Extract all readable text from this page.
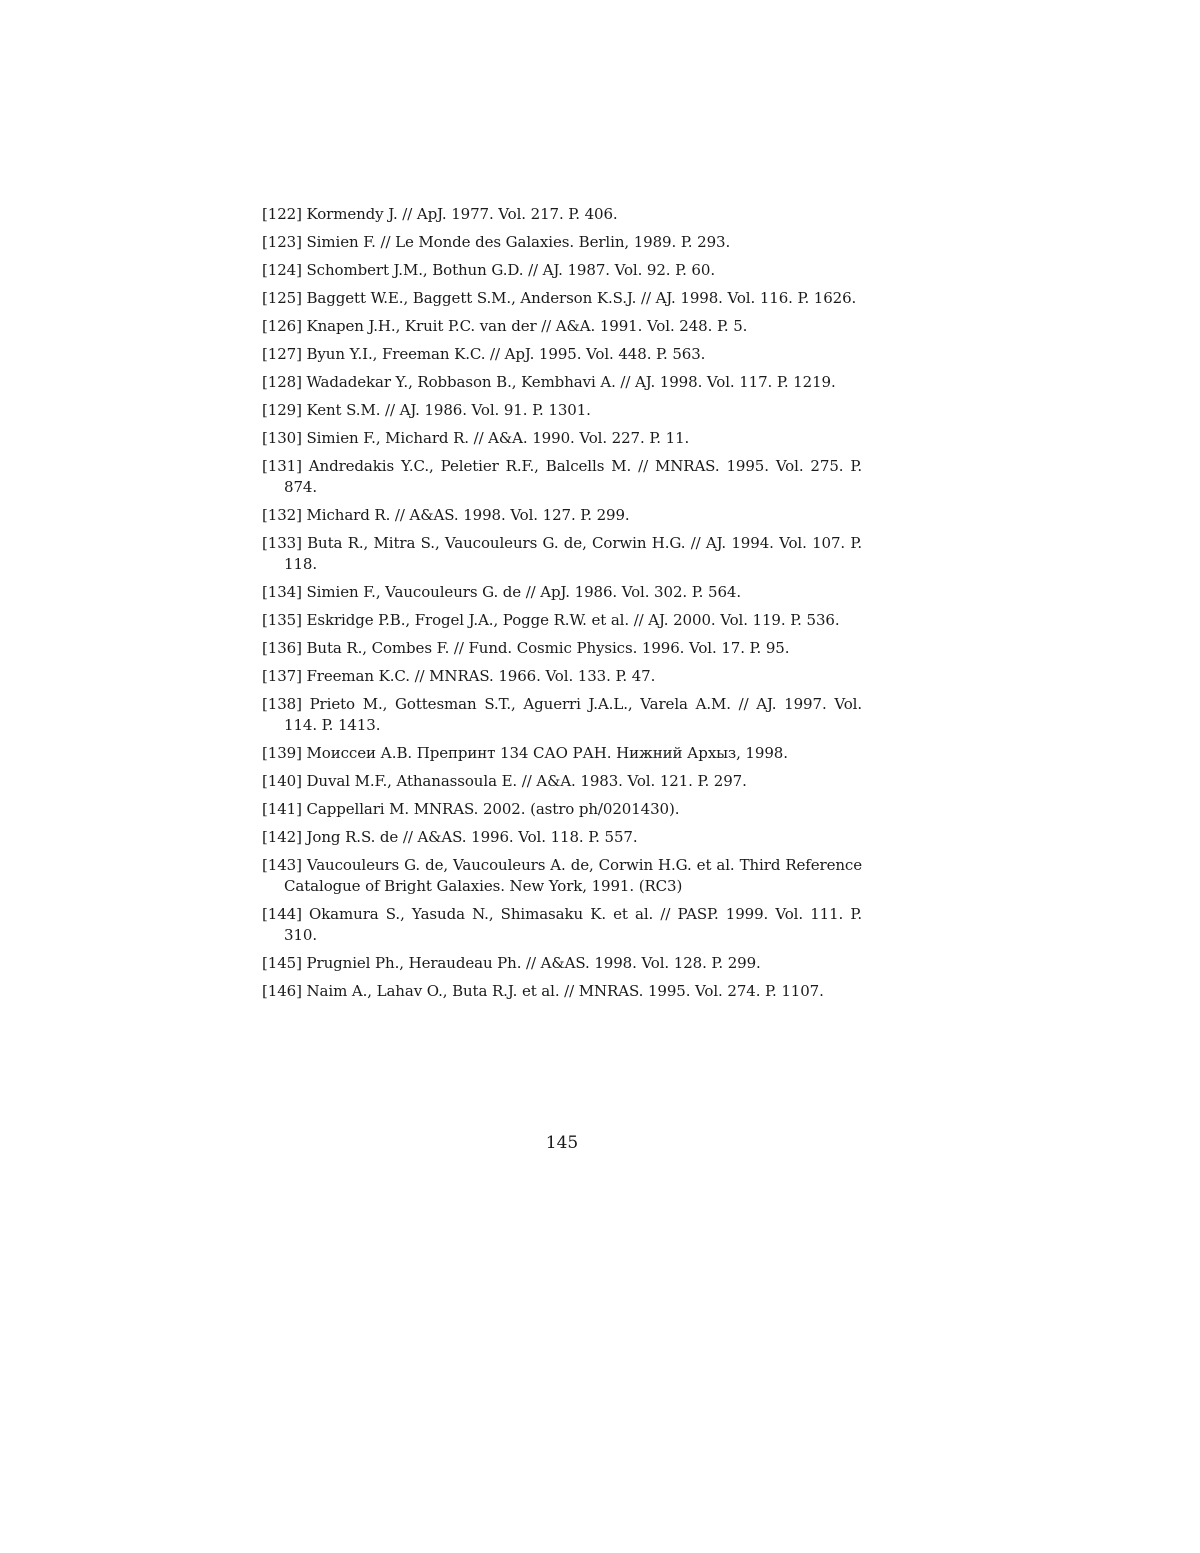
[122] Kormendy J. // ApJ. 1977. Vol. 217. P. 406.
[123] Simien F. // Le Monde des Galaxies. Berlin, 1989. P. 293.
[124] Schombert J.M., Bothun G.D. // AJ. 1987. Vol. 92. P. 60.
[125] Baggett W.E., Baggett S.M., Anderson K.S.J. // AJ. 1998. Vol. 116. P. 1626.
[126] Knapen J.H., Kruit P.C. van der // A&A. 1991. Vol. 248. P. 5.
[127] Byun Y.I., Freeman K.C. // ApJ. 1995. Vol. 448. P. 563.
[128] Wadadekar Y., Robbason B., Kembhavi A. // AJ. 1998. Vol. 117. P. 1219.
[129] Kent S.M. // AJ. 1986. Vol. 91. P. 1301.
[130] Simien F., Michard R. // A&A. 1990. Vol. 227. P. 11.
[131] Andredakis Y.C., Peletier R.F., Balcells M. // MNRAS. 1995. Vol. 275. P. 874.
[132] Michard R. // A&AS. 1998. Vol. 127. P. 299.
[133] Buta R., Mitra S., Vaucouleurs G. de, Corwin H.G. // AJ. 1994. Vol. 107. P. 118.
[134] Simien F., Vaucouleurs G. de // ApJ. 1986. Vol. 302. P. 564.
[135] Eskridge P.B., Frogel J.A., Pogge R.W. et al. // AJ. 2000. Vol. 119. P. 536.
[136] Buta R., Combes F. // Fund. Cosmic Physics. 1996. Vol. 17. P. 95.
[137] Freeman K.C. // MNRAS. 1966. Vol. 133. P. 47.
[138] Prieto M., Gottesman S.T., Aguerri J.A.L., Varela A.M. // AJ. 1997. Vol. 114. P. 1413.
[139] Моиссеи А.В. Препринт 134 САО РАН. Нижний Архыз, 1998.
[140] Duval M.F., Athanassoula E. // A&A. 1983. Vol. 121. P. 297.
[141] Cappellari M. MNRAS. 2002. (astro ph/0201430).
[142] Jong R.S. de // A&AS. 1996. Vol. 118. P. 557.
[143] Vaucouleurs G. de, Vaucouleurs A. de, Corwin H.G. et al. Third Reference Catalogue of Bright Galaxies. New York, 1991. (RC3)
[144] Okamura S., Yasuda N., Shimasaku K. et al. // PASP. 1999. Vol. 111. P. 310.
[145] Prugniel Ph., Heraudeau Ph. // A&AS. 1998. Vol. 128. P. 299.
[146] Naim A., Lahav O., Buta R.J. et al. // MNRAS. 1995. Vol. 274. P. 1107.
145
